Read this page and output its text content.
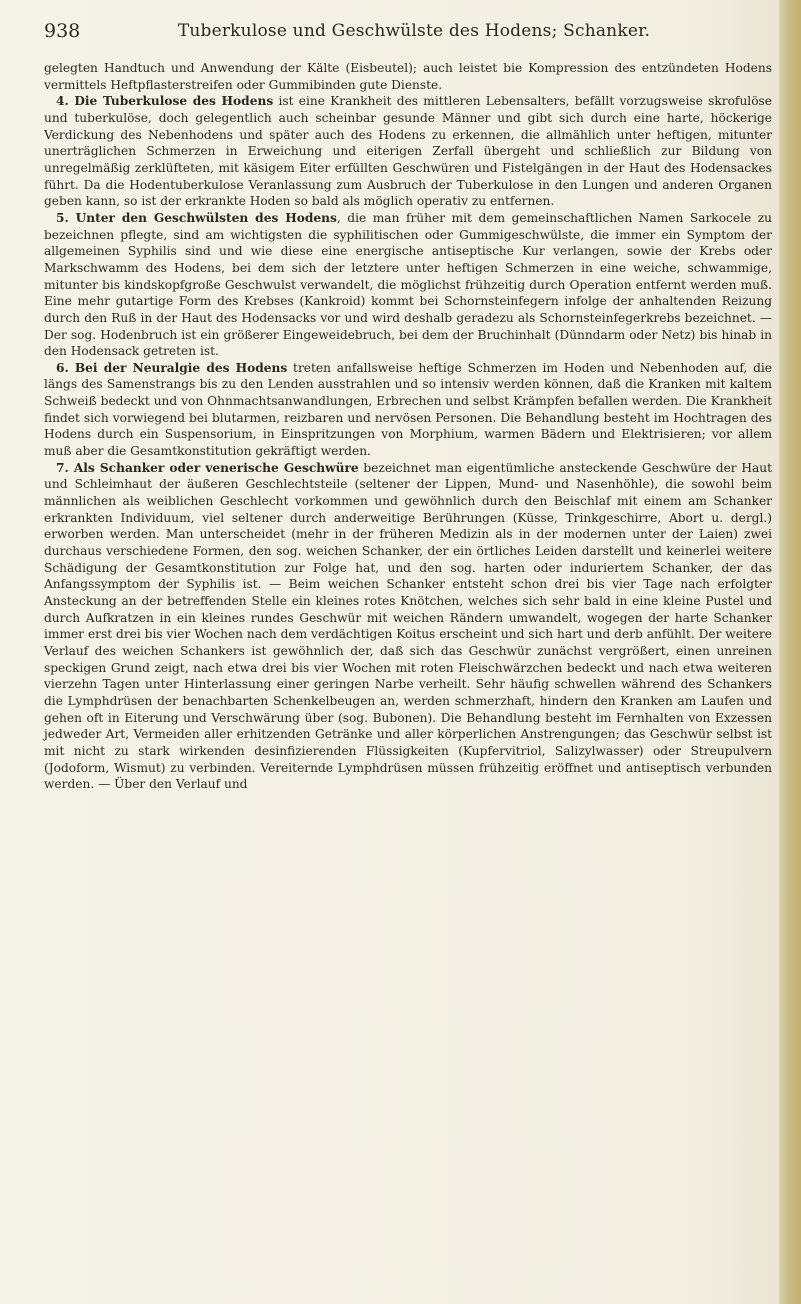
938	Tuberkulose und Geschwülste des Hodens; Schanker.

gelegten Handtuch und Anwendung der Kälte (Eisbeutel); auch leistet bie Kompression des entzündeten Hodens vermittels Heftpflasterstreifen oder Gummibinden gute Dienste.

4. Die Tuberkulose des Hodens ist eine Krankheit des mittleren Lebensalters, befällt vorzugsweise skrofulöse und tuberkulöse, doch gelegentlich auch scheinbar gesunde Männer und gibt sich durch eine harte, höckerige Verdickung des Nebenhodens und später auch des Hodens zu erkennen, die allmählich unter heftigen, mitunter unerträglichen Schmerzen in Erweichung und eiterigen Zerfall übergeht und schließlich zur Bildung von unregelmäßig zerklüfteten, mit käsigem Eiter erfüllten Geschwüren und Fistelgängen in der Haut des Hodensackes führt. Da die Hodentuberkulose Veranlassung zum Ausbruch der Tuberkulose in den Lungen und anderen Organen geben kann, so ist der erkrankte Hoden so bald als möglich operativ zu entfernen.

5. Unter den Geschwülsten des Hodens, die man früher mit dem gemeinschaftlichen Namen Sarkocele zu bezeichnen pflegte, sind am wichtigsten die syphilitischen oder Gummigeschwülste, die immer ein Symptom der allgemeinen Syphilis sind und wie diese eine energische antiseptische Kur verlangen, sowie der Krebs oder Markschwamm des Hodens, bei dem sich der letztere unter heftigen Schmerzen in eine weiche, schwammige, mitunter bis kindskopfgroße Geschwulst verwandelt, die möglichst frühzeitig durch Operation entfernt werden muß. Eine mehr gutartige Form des Krebses (Kankroid) kommt bei Schornsteinfegern infolge der anhaltenden Reizung durch den Ruß in der Haut des Hodensacks vor und wird deshalb geradezu als Schornsteinfegerkrebs bezeichnet. — Der sog. Hodenbruch ist ein größerer Eingeweidebruch, bei dem der Bruchinhalt (Dünndarm oder Netz) bis hinab in den Hodensack getreten ist.

6. Bei der Neuralgie des Hodens treten anfallsweise heftige Schmerzen im Hoden und Nebenhoden auf, die längs des Samenstrangs bis zu den Lenden ausstrahlen und so intensiv werden können, daß die Kranken mit kaltem Schweiß bedeckt und von Ohnmachtsanwandlungen, Erbrechen und selbst Krämpfen befallen werden. Die Krankheit findet sich vorwiegend bei blutarmen, reizbaren und nervösen Personen. Die Behandlung besteht im Hochtragen des Hodens durch ein Suspensorium, in Einspritzungen von Morphium, warmen Bädern und Elektrisieren; vor allem muß aber die Gesamtkonstitution gekräftigt werden.

7. Als Schanker oder venerische Geschwüre bezeichnet man eigentümliche ansteckende Geschwüre der Haut und Schleimhaut der äußeren Geschlechtsteile (seltener der Lippen, Mund- und Nasenhöhle), die sowohl beim männlichen als weiblichen Geschlecht vorkommen und gewöhnlich durch den Beischlaf mit einem am Schanker erkrankten Individuum, viel seltener durch anderweitige Berührungen (Küsse, Trinkgeschirre, Abort u. dergl.) erworben werden. Man unterscheidet (mehr in der früheren Medizin als in der modernen unter der Laien) zwei durchaus verschiedene Formen, den sog. weichen Schanker, der ein örtliches Leiden darstellt und keinerlei weitere Schädigung der Gesamtkonstitution zur Folge hat, und den sog. harten oder induriertem Schanker, der das Anfangssymptom der Syphilis ist. — Beim weichen Schanker entsteht schon drei bis vier Tage nach erfolgter Ansteckung an der betreffenden Stelle ein kleines rotes Knötchen, welches sich sehr bald in eine kleine Pustel und durch Aufkratzen in ein kleines rundes Geschwür mit weichen Rändern umwandelt, wogegen der harte Schanker immer erst drei bis vier Wochen nach dem verdächtigen Koitus erscheint und sich hart und derb anfühlt. Der weitere Verlauf des weichen Schankers ist gewöhnlich der, daß sich das Geschwür zunächst vergrößert, einen unreinen speckigen Grund zeigt, nach etwa drei bis vier Wochen mit roten Fleischwärzchen bedeckt und nach etwa weiteren vierzehn Tagen unter Hinterlassung einer geringen Narbe verheilt. Sehr häufig schwellen während des Schankers die Lymphdrüsen der benachbarten Schenkelbeugen an, werden schmerzhaft, hindern den Kranken am Laufen und gehen oft in Eiterung und Verschwärung über (sog. Bubonen). Die Behandlung besteht im Fernhalten von Exzessen jedweder Art, Vermeiden aller erhitzenden Getränke und aller körperlichen Anstrengungen; das Geschwür selbst ist mit nicht zu stark wirkenden desinfizierenden Flüssigkeiten (Kupfervitriol, Salizylwasser) oder Streupulvern (Jodoform, Wismut) zu verbinden. Vereiternde Lymphdrüsen müssen frühzeitig eröffnet und antiseptisch verbunden werden. — Über den Verlauf und
